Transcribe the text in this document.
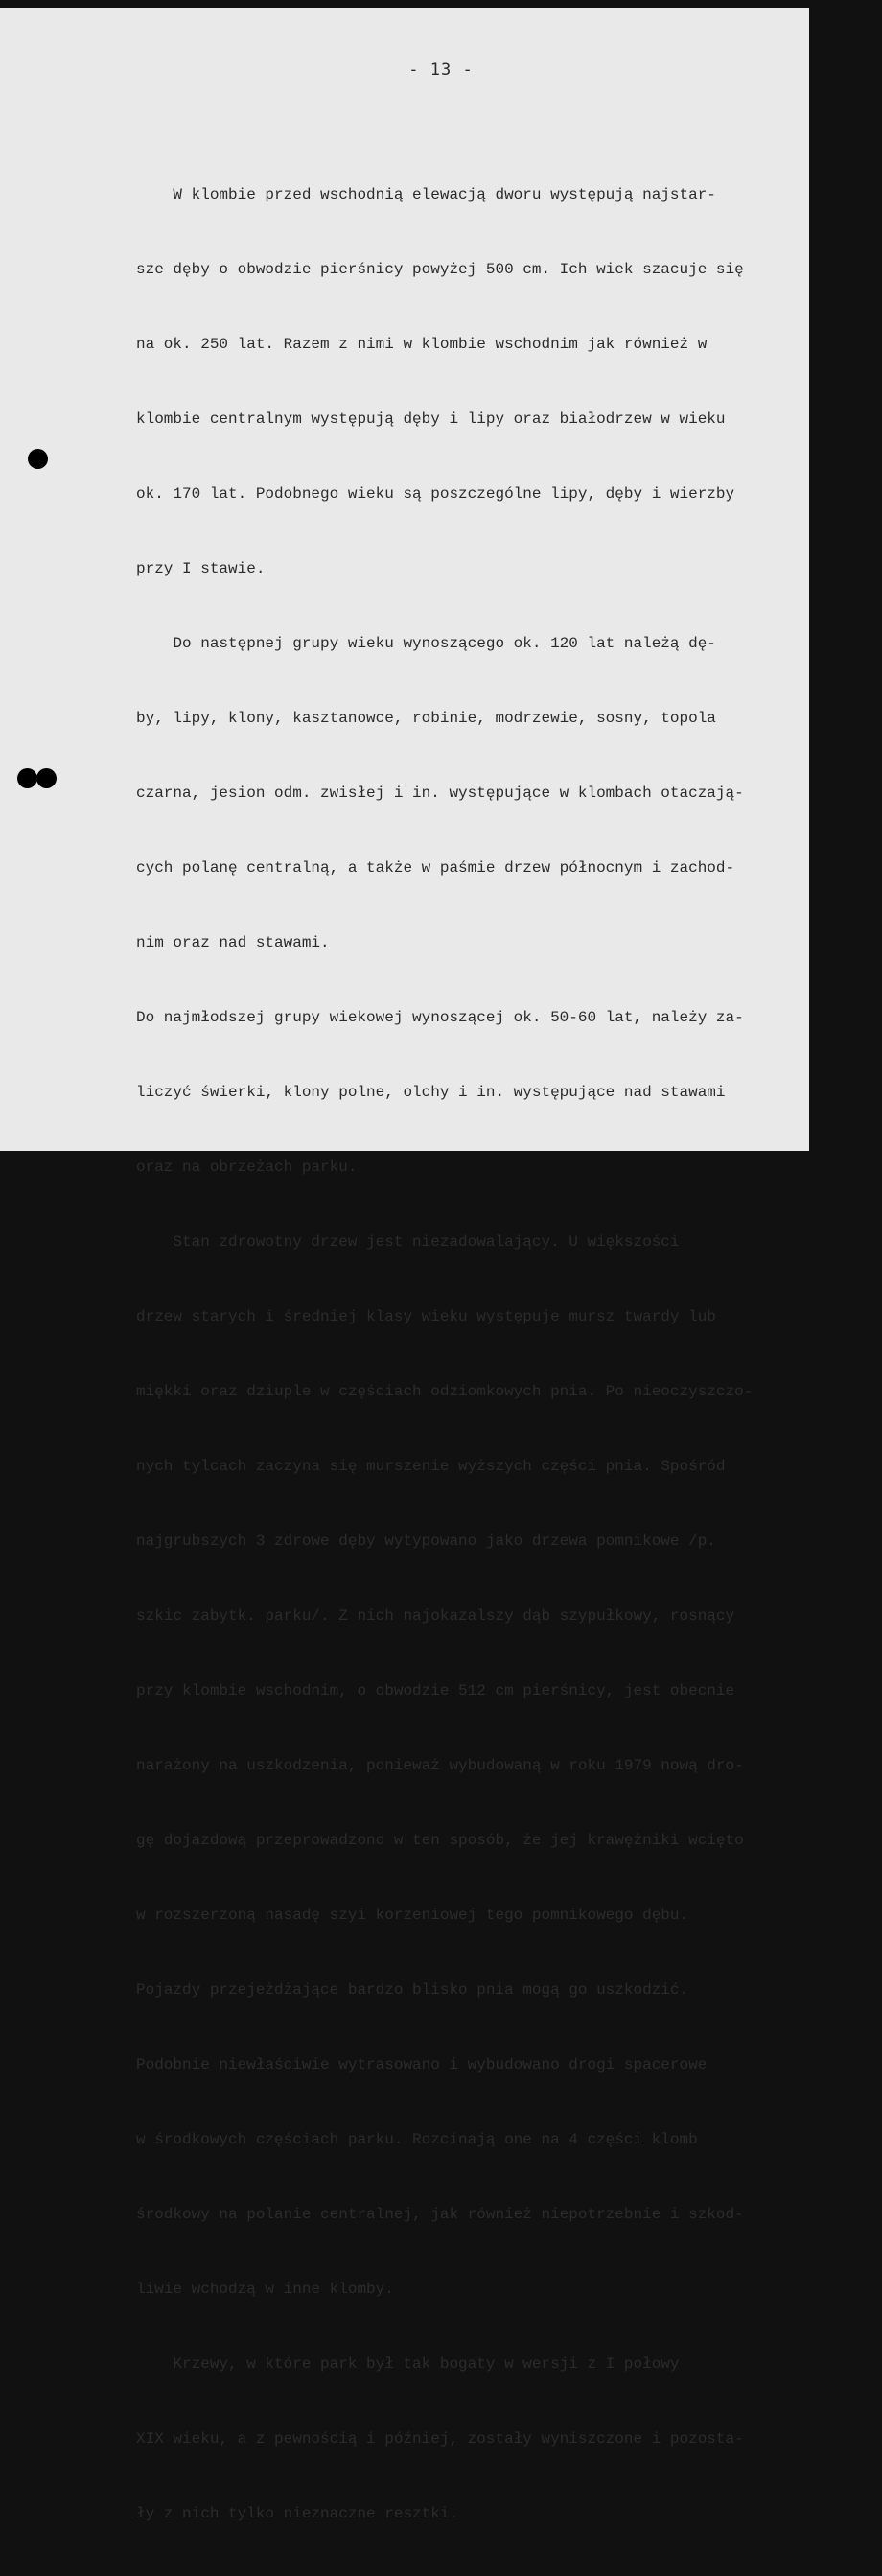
- 13 -

W klombie przed wschodnią elewacją dworu występują najstar-

sze dęby o obwodzie pierśnicy powyżej 500 cm. Ich wiek szacuje się

na ok. 250 lat. Razem z nimi w klombie wschodnim jak również w

klombie centralnym występują dęby i lipy oraz białodrzew w wieku

ok. 170 lat. Podobnego wieku są poszczególne lipy, dęby i wierzby

przy I stawie.

Do następnej grupy wieku wynoszącego ok. 120 lat należą dę-

by, lipy, klony, kasztanowce, robinie, modrzewie, sosny, topola

czarna, jesion odm. zwisłej i in. występujące w klombach otaczają-

cych polanę centralną, a także w paśmie drzew północnym i zachod-

nim oraz nad stawami.

Do najmłodszej grupy wiekowej wynoszącej ok. 50-60 lat, należy za-

liczyć świerki, klony polne, olchy i in. występujące nad stawami

oraz na obrzeżach parku.

Stan zdrowotny drzew jest niezadowalający. U większości

drzew starych i średniej klasy wieku występuje mursz twardy lub

miękki oraz dziuple w częściach odziomkowych pnia. Po nieoczyszczo-

nych tylcach zaczyna się murszenie wyższych części pnia. Spośród

najgrubszych 3 zdrowe dęby wytypowano jako drzewa pomnikowe /p.

szkic zabytk. parku/. Z nich najokazalszy dąb szypułkowy, rosnący

przy klombie wschodnim, o obwodzie 512 cm pierśnicy, jest obecnie

narażony na uszkodzenia, ponieważ wybudowaną w roku 1979 nową dro-

gę dojazdową przeprowadzono w ten sposób, że jej krawężniki wcięto

w rozszerzoną nasadę szyi korzeniowej tego pomnikowego dębu.

Pojazdy przejeżdżające bardzo blisko pnia mogą go uszkodzić.

Podobnie niewłaściwie wytrasowano i wybudowano drogi spacerowe

w środkowych częściach parku. Rozcinają one na 4 części klomb

środkowy na polanie centralnej, jak również niepotrzebnie i szkod-

liwie wchodzą w inne klomby.

Krzewy, w które park był tak bogaty w wersji z I połowy

XIX wieku, a z pewnością i później, zostały wyniszczone i pozosta-

ły z nich tylko nieznaczne resztki.
